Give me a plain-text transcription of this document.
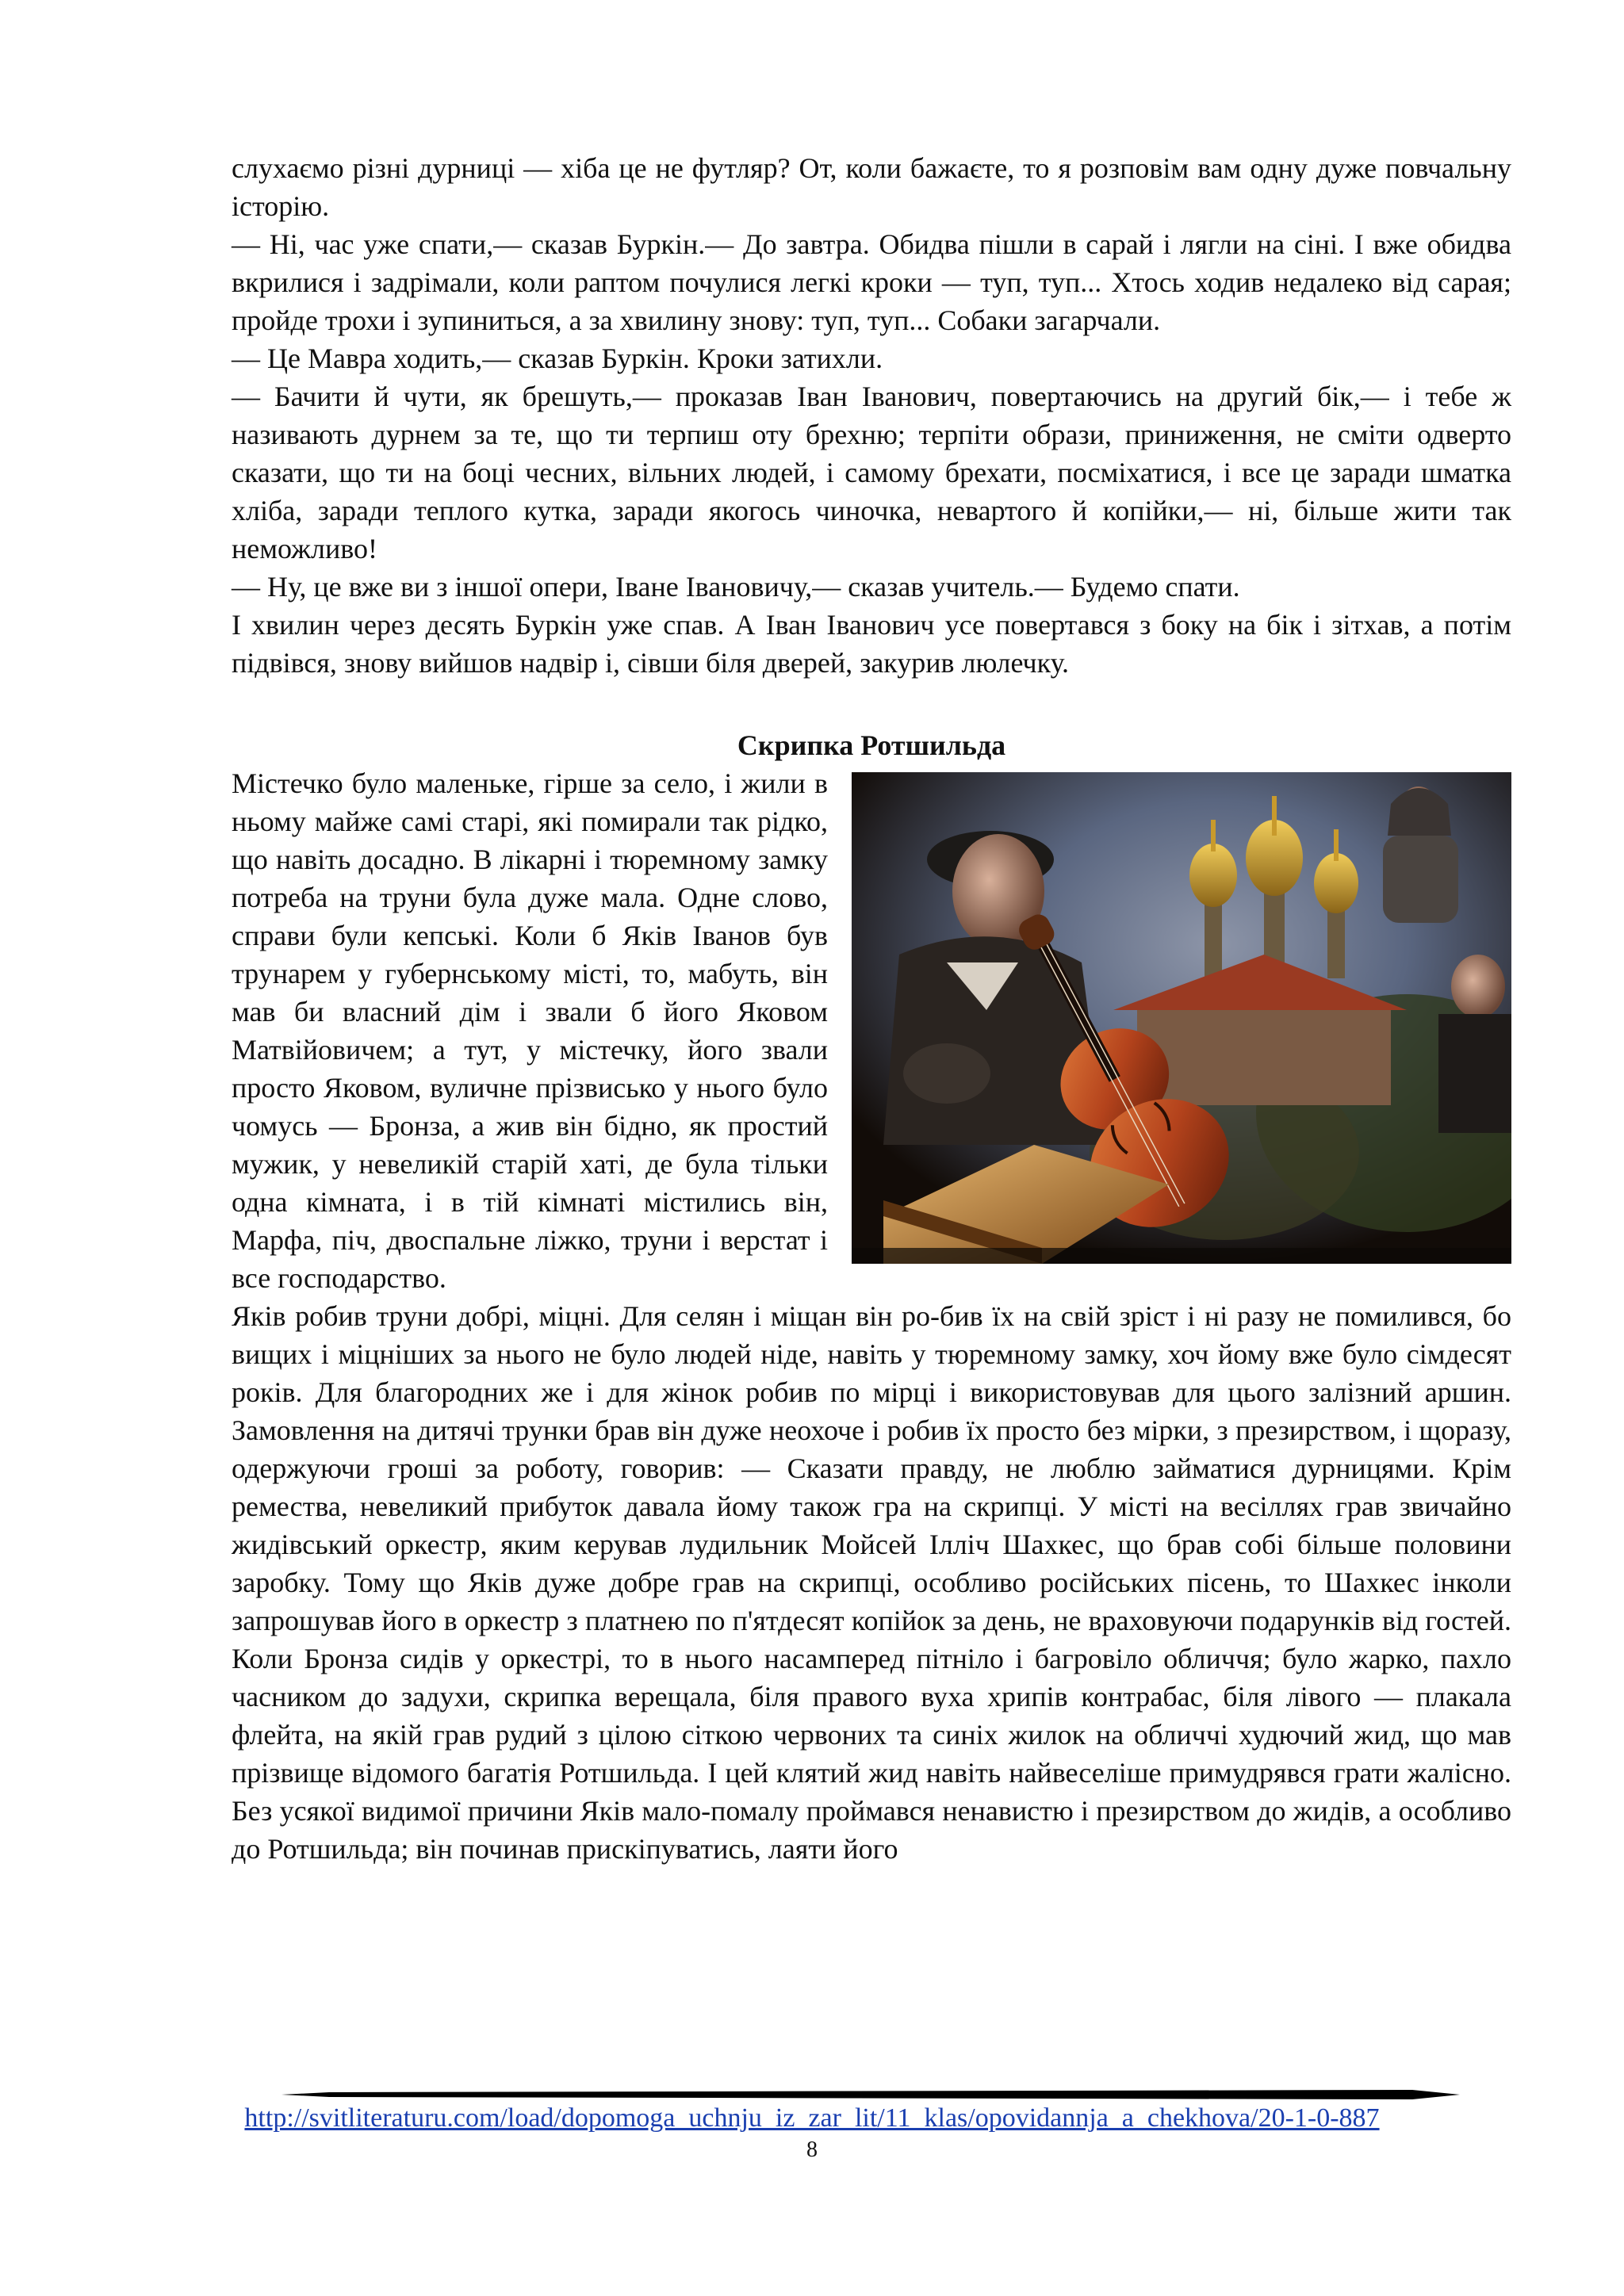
слухаємо різні дурниці — хіба це не футляр? От, коли бажаєте, то я розповім вам одну дуже повчальну історію.

— Ні, час уже спати,— сказав Буркін.— До завтра. Обидва пішли в сарай і лягли на сіні. І вже обидва вкрилися і задрімали, коли раптом почулися легкі кроки — туп, туп... Хтось ходив недалеко від сарая; пройде трохи і зупиниться, а за хвилину знову: туп, туп... Собаки загарчали.

— Це Мавра ходить,— сказав Буркін. Кроки затихли.

— Бачити й чути, як брешуть,— проказав Іван Іванович, повертаючись на другий бік,— і тебе ж називають дурнем за те, що ти терпиш оту брехню; терпіти образи, приниження, не сміти одверто сказати, що ти на боці чесних, вільних людей, і самому брехати, посміхатися, і все це заради шматка хліба, заради теплого кутка, заради якогось чиночка, невартого й копійки,— ні, більше жити так неможливо!

— Ну, це вже ви з іншої опери, Іване Івановичу,— сказав учитель.— Будемо спати.

І хвилин через десять Буркін уже спав. А Іван Іванович усе повертався з боку на бік і зітхав, а потім підвівся, знову вийшов надвір і, сівши біля дверей, закурив люлечку.

Скрипка Ротшильда

Містечко було маленьке, гірше за село, і жили в ньому майже самі старі, які помирали так рідко, що навіть досадно. В лікарні і тюремному замку потреба на труни була дуже мала. Одне слово, справи були кепські. Коли б Яків Іванов був трунарем у губернському місті, то, мабуть, він мав би власний дім і звали б його Яковом Матвійовичем; а тут, у містечку, його звали просто Яковом, вуличне прізвисько у нього було чомусь — Бронза, а жив він бідно, як простий мужик, у невеликій старій хаті, де була тільки одна кімната, і в тій кімнаті містились він, Марфа, піч, двоспальне ліжко, труни і верстат і все господарство.

Яків робив труни добрі, міцні. Для селян і міщан він ро-бив їх на свій зріст і ні разу не помилився, бо вищих і міцніших за нього не було людей ніде, навіть у тюремному замку, хоч йому вже було сімдесят років. Для благородних же і для жінок робив по мірці і використовував для цього залізний аршин. Замовлення на дитячі трунки брав він дуже неохоче і робив їх просто без мірки, з презирством, і щоразу, одержуючи гроші за роботу, говорив: — Сказати правду, не люблю займатися дурницями. Крім ремества, невеликий прибуток давала йому також гра на скрипці. У місті на весіллях грав звичайно жидівський оркестр, яким керував лудильник Мойсей Ілліч Шахкес, що брав собі більше половини заробку. Тому що Яків дуже добре грав на скрипці, особливо російських пісень, то Шахкес інколи запрошував його в оркестр з платнею по п'ятдесят копійок за день, не враховуючи подарунків від гостей. Коли Бронза сидів у оркестрі, то в нього насамперед пітніло і багровіло обличчя; було жарко, пахло часником до задухи, скрипка верещала, біля правого вуха хрипів контрабас, біля лівого — плакала флейта, на якій грав рудий з цілою сіткою червоних та синіх жилок на обличчі худючий жид, що мав прізвище відомого багатія Ротшильда. І цей клятий жид навіть найвеселіше примудрявся грати жалісно. Без усякої видимої причини Яків мало-помалу проймався ненавистю і презирством до жидів, а особливо до Ротшильда; він починав прискіпуватись, лаяти його

http://svitliteraturu.com/load/dopomoga_uchnju_iz_zar_lit/11_klas/opovidannja_a_chekhova/20-1-0-887
8
